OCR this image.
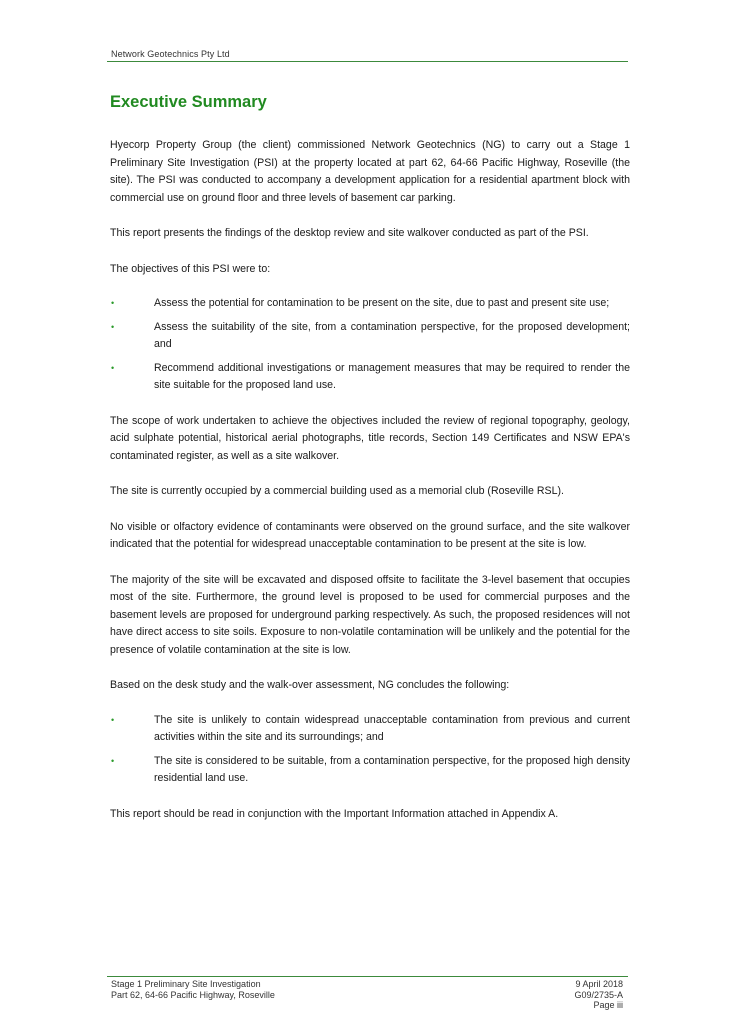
Network Geotechnics Pty Ltd
Executive Summary

Hyecorp Property Group (the client) commissioned Network Geotechnics (NG) to carry out a Stage 1 Preliminary Site Investigation (PSI) at the property located at part 62, 64-66 Pacific Highway, Roseville (the site). The PSI was conducted to accompany a development application for a residential apartment block with commercial use on ground floor and three levels of basement car parking.

This report presents the findings of the desktop review and site walkover conducted as part of the PSI.

The objectives of this PSI were to:

•	Assess the potential for contamination to be present on the site, due to past and present site use;
•	Assess the suitability of the site, from a contamination perspective, for the proposed development; and
•	Recommend additional investigations or management measures that may be required to render the site suitable for the proposed land use.

The scope of work undertaken to achieve the objectives included the review of regional topography, geology, acid sulphate potential, historical aerial photographs, title records, Section 149 Certificates and NSW EPA's contaminated register, as well as a site walkover.

The site is currently occupied by a commercial building used as a memorial club (Roseville RSL).

No visible or olfactory evidence of contaminants were observed on the ground surface, and the site walkover indicated that the potential for widespread unacceptable contamination to be present at the site is low.

The majority of the site will be excavated and disposed offsite to facilitate the 3-level basement that occupies most of the site. Furthermore, the ground level is proposed to be used for commercial purposes and the basement levels are proposed for underground parking respectively. As such, the proposed residences will not have direct access to site soils. Exposure to non-volatile contamination will be unlikely and the potential for the presence of volatile contamination at the site is low.

Based on the desk study and the walk-over assessment, NG concludes the following:

•	The site is unlikely to contain widespread unacceptable contamination from previous and current activities within the site and its surroundings; and
•	The site is considered to be suitable, from a contamination perspective, for the proposed high density residential land use.

This report should be read in conjunction with the Important Information attached in Appendix A.

Stage 1 Preliminary Site Investigation
Part 62, 64-66 Pacific Highway, Roseville
9 April 2018
G09/2735-A
Page iii
